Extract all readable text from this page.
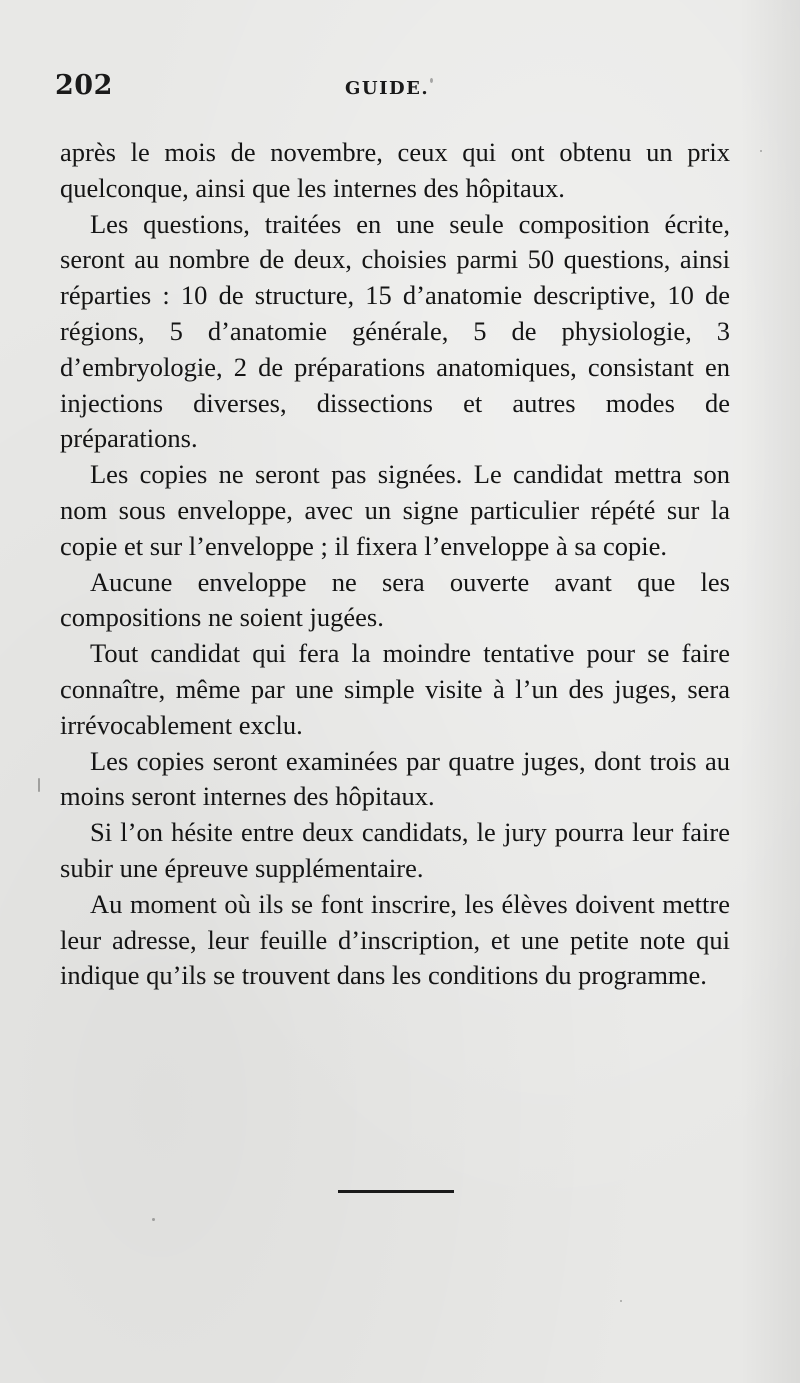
202	GUIDE.

après le mois de novembre, ceux qui ont obtenu un prix quelconque, ainsi que les internes des hôpitaux.

Les questions, traitées en une seule composition écrite, seront au nombre de deux, choisies parmi 50 questions, ainsi réparties : 10 de structure, 15 d’anatomie descriptive, 10 de régions, 5 d’anatomie générale, 5 de physiologie, 3 d’embryologie, 2 de préparations anatomiques, consistant en injections diverses, dissections et autres modes de préparations.

Les copies ne seront pas signées. Le candidat mettra son nom sous enveloppe, avec un signe particulier répété sur la copie et sur l’enveloppe ; il fixera l’enveloppe à sa copie.

Aucune enveloppe ne sera ouverte avant que les compositions ne soient jugées.

Tout candidat qui fera la moindre tentative pour se faire connaître, même par une simple visite à l’un des juges, sera irrévocablement exclu.

Les copies seront examinées par quatre juges, dont trois au moins seront internes des hôpitaux.

Si l’on hésite entre deux candidats, le jury pourra leur faire subir une épreuve supplémentaire.

Au moment où ils se font inscrire, les élèves doivent mettre leur adresse, leur feuille d’inscription, et une petite note qui indique qu’ils se trouvent dans les conditions du programme.
